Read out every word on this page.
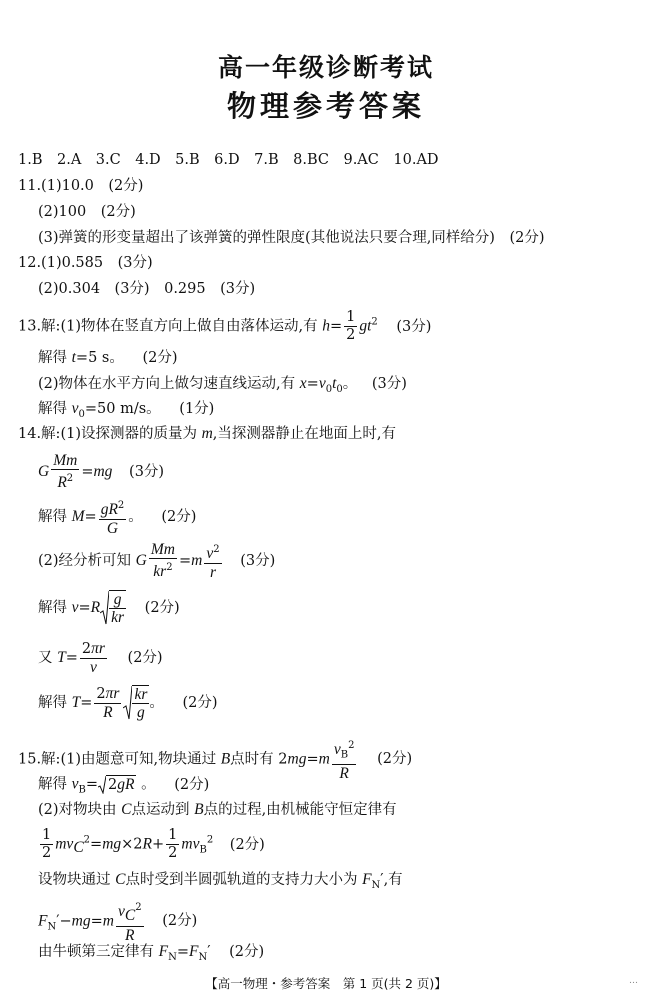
高一年级诊断考试
物理参考答案
1.B　2.A　3.C　4.D　5.B　6.D　7.B　8.BC　9.AC　10.AD
11.(1)10.0　(2分)
(2)100　(2分)
(3)弹簧的形变量超出了该弹簧的弹性限度(其他说法只要合理,同样给分)　(2分)
12.(1)0.585　(3分)
(2)0.304　(3分)　0.295　(3分)
13.解:(1)物体在竖直方向上做自由落体运动,有 $h= \frac{1}{2} gt^2$ (3分)
解得 t=5 s。 (2分)
(2)物体在水平方向上做匀速直线运动,有 $x=v_0t_0$。 (3分)
解得 $v_0=50$ m/s。 (1分)
14.解:(1)设探测器的质量为 m,当探测器静止在地面上时,有
G $\frac{Mm}{R^2} =mg$ (3分)
解得 $M= \frac{gR^2}{G}$ 。 (2分)
(2)经分析可知 G $\frac{Mm}{kr^2} =m \frac{v^2}{r} (3$分)
解得 $v=R \frac{g}{kr} (2$分)
又 $T= \frac{2\pi r}{v} (2$分)
解得 $T= \frac{2\pi r}{R} \frac{kr}{g}$ 。 (2分)
15.解:(1)由题意可知,物块通过 B点时有 $2mg=m \frac{v_B^2}{R} (2$分)
解得 $v_B= 2gR$ 。 (2分)
(2)对物块由 C点运动到 B点的过程,由机械能守恒定律有
$\frac{1}{2} mv_C^2=mg\times 2R+ \frac{1}{2} mv_B^2$ (2分)
设物块通过 C点时受到半圆弧轨道的支持力大小为 $F_N'$,有
$F_N'-mg=m \frac{v_C^2}{R} (2$分)
由牛顿第三定律有 $F_N=F_N'$ (2分)
【高一物理・参考答案　第 1 页(共 2 页)】	…
